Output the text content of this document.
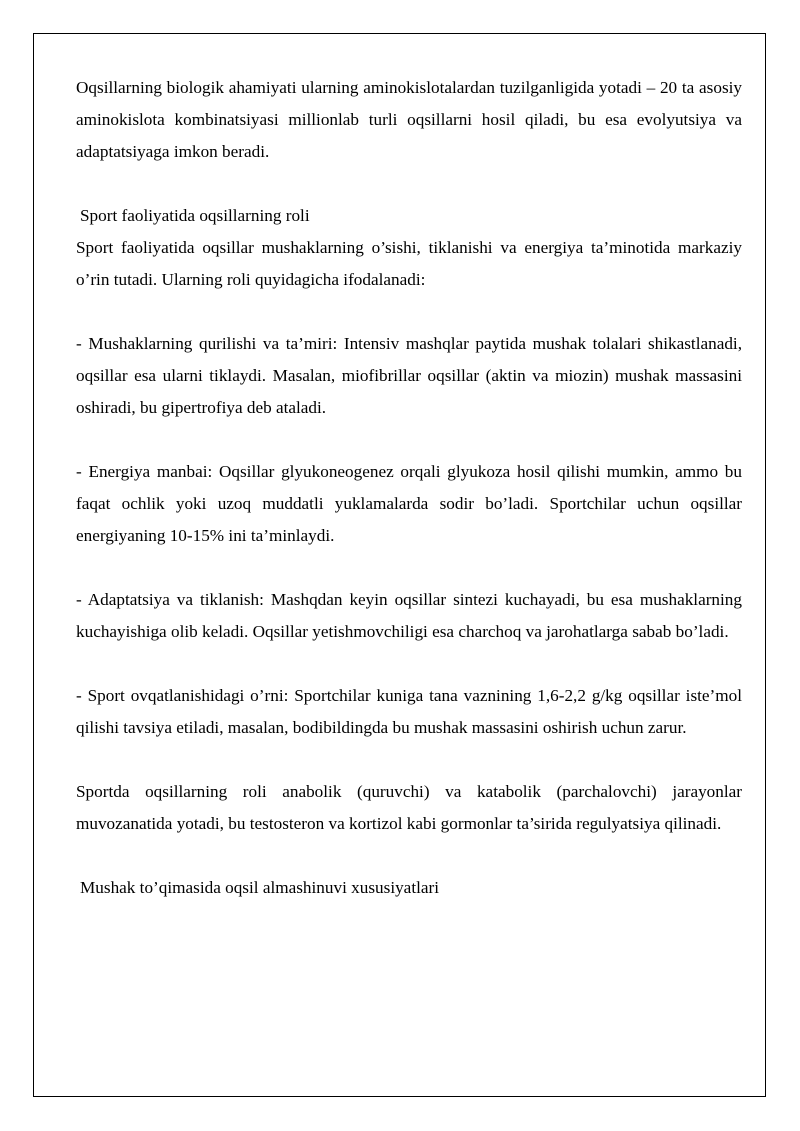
Oqsillarning biologik ahamiyati ularning aminokislotalardan tuzilganligida yotadi – 20 ta asosiy aminokislota kombinatsiyasi millionlab turli oqsillarni hosil qiladi, bu esa evolyutsiya va adaptatsiyaga imkon beradi.

Sport faoliyatida oqsillarning roli

Sport faoliyatida oqsillar mushaklarning o’sishi, tiklanishi va energiya ta’minotida markaziy o’rin tutadi. Ularning roli quyidagicha ifodalanadi:

- Mushaklarning qurilishi va ta’miri: Intensiv mashqlar paytida mushak tolalari shikastlanadi, oqsillar esa ularni tiklaydi. Masalan, miofibrillar oqsillar (aktin va miozin) mushak massasini oshiradi, bu gipertrofiya deb ataladi.

- Energiya manbai: Oqsillar glyukoneogenez orqali glyukoza hosil qilishi mumkin, ammo bu faqat ochlik yoki uzoq muddatli yuklamalarda sodir bo’ladi. Sportchilar uchun oqsillar energiyaning 10-15% ini ta’minlaydi.

- Adaptatsiya va tiklanish: Mashqdan keyin oqsillar sintezi kuchayadi, bu esa mushaklarning kuchayishiga olib keladi. Oqsillar yetishmovchiligi esa charchoq va jarohatlarga sabab bo’ladi.

- Sport ovqatlanishidagi o’rni: Sportchilar kuniga tana vaznining 1,6-2,2 g/kg oqsillar iste’mol qilishi tavsiya etiladi, masalan, bodibildingda bu mushak massasini oshirish uchun zarur.

Sportda oqsillarning roli anabolik (quruvchi) va katabolik (parchalovchi) jarayonlar muvozanatida yotadi, bu testosteron va kortizol kabi gormonlar ta’sirida regulyatsiya qilinadi.

Mushak to’qimasida oqsil almashinuvi xususiyatlari
